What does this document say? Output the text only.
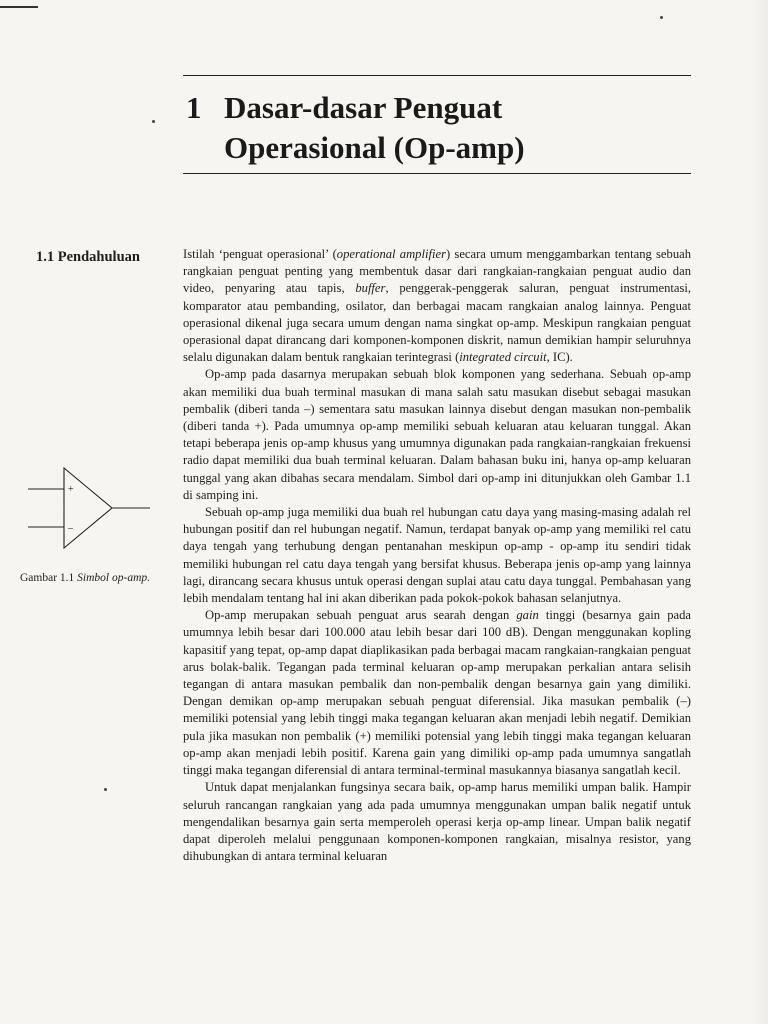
1 Dasar-dasar Penguat Operasional (Op-amp)
1.1 Pendahuluan
+
–
Gambar 1.1 Simbol op-amp.

Istilah ‘penguat operasional’ (operational amplifier) secara umum menggambarkan tentang sebuah rangkaian penguat penting yang membentuk dasar dari rangkaian-rangkaian penguat audio dan video, penyaring atau tapis, buffer, penggerak-penggerak saluran, penguat instrumentasi, komparator atau pembanding, osilator, dan berbagai macam rangkaian analog lainnya. Penguat operasional dikenal juga secara umum dengan nama singkat op-amp. Meskipun rangkaian penguat operasional dapat dirancang dari komponen-komponen diskrit, namun demikian hampir seluruhnya selalu digunakan dalam bentuk rangkaian terintegrasi (integrated circuit, IC).

Op-amp pada dasarnya merupakan sebuah blok komponen yang sederhana. Sebuah op-amp akan memiliki dua buah terminal masukan di mana salah satu masukan disebut sebagai masukan pembalik (diberi tanda –) sementara satu masukan lainnya disebut dengan masukan non-pembalik (diberi tanda +). Pada umumnya op-amp memiliki sebuah keluaran atau keluaran tunggal. Akan tetapi beberapa jenis op-amp khusus yang umumnya digunakan pada rangkaian-rangkaian frekuensi radio dapat memiliki dua buah terminal keluaran. Dalam bahasan buku ini, hanya op-amp keluaran tunggal yang akan dibahas secara mendalam. Simbol dari op-amp ini ditunjukkan oleh Gambar 1.1 di samping ini.

Sebuah op-amp juga memiliki dua buah rel hubungan catu daya yang masing-masing adalah rel hubungan positif dan rel hubungan negatif. Namun, terdapat banyak op-amp yang memiliki rel catu daya tengah yang terhubung dengan pentanahan meskipun op-amp - op-amp itu sendiri tidak memiliki hubungan rel catu daya tengah yang bersifat khusus. Beberapa jenis op-amp yang lainnya lagi, dirancang secara khusus untuk operasi dengan suplai atau catu daya tunggal. Pembahasan yang lebih mendalam tentang hal ini akan diberikan pada pokok-pokok bahasan selanjutnya.

Op-amp merupakan sebuah penguat arus searah dengan gain tinggi (besarnya gain pada umumnya lebih besar dari 100.000 atau lebih besar dari 100 dB). Dengan menggunakan kopling kapasitif yang tepat, op-amp dapat diaplikasikan pada berbagai macam rangkaian-rangkaian penguat arus bolak-balik. Tegangan pada terminal keluaran op-amp merupakan perkalian antara selisih tegangan di antara masukan pembalik dan non-pembalik dengan besarnya gain yang dimiliki. Dengan demikan op-amp merupakan sebuah penguat diferensial. Jika masukan pembalik (–) memiliki potensial yang lebih tinggi maka tegangan keluaran akan menjadi lebih negatif. Demikian pula jika masukan non pembalik (+) memiliki potensial yang lebih tinggi maka tegangan keluaran op-amp akan menjadi lebih positif. Karena gain yang dimiliki op-amp pada umumnya sangatlah tinggi maka tegangan diferensial di antara terminal-terminal masukannya biasanya sangatlah kecil.

Untuk dapat menjalankan fungsinya secara baik, op-amp harus memiliki umpan balik. Hampir seluruh rancangan rangkaian yang ada pada umumnya menggunakan umpan balik negatif untuk mengendalikan besarnya gain serta memperoleh operasi kerja op-amp linear. Umpan balik negatif dapat diperoleh melalui penggunaan komponen-komponen rangkaian, misalnya resistor, yang dihubungkan di antara terminal keluaran
